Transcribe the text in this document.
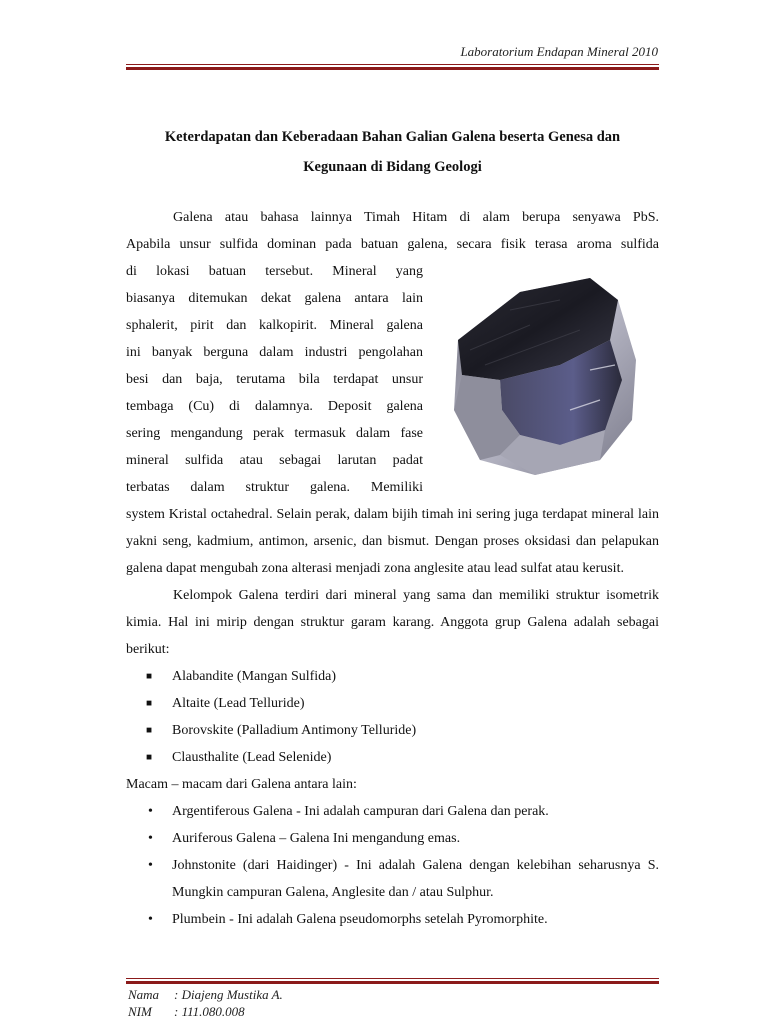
Laboratorium Endapan Mineral 2010
Keterdapatan dan Keberadaan Bahan Galian Galena beserta Genesa dan
Kegunaan di Bidang Geologi

Galena atau bahasa lainnya Timah Hitam di alam berupa senyawa PbS.

Apabila unsur sulfida dominan pada batuan galena, secara fisik terasa aroma sulfida

di lokasi batuan tersebut. Mineral yang
biasanya ditemukan dekat galena antara lain
sphalerit, pirit dan kalkopirit. Mineral galena
ini banyak berguna dalam industri pengolahan
besi dan baja, terutama bila terdapat unsur
tembaga (Cu) di dalamnya. Deposit galena
sering mengandung perak termasuk dalam fase
mineral sulfida atau sebagai larutan padat
terbatas dalam struktur galena. Memiliki

system Kristal octahedral. Selain perak, dalam bijih timah ini sering juga terdapat mineral lain yakni seng, kadmium, antimon, arsenic, dan bismut. Dengan proses oksidasi dan pelapukan galena dapat mengubah zona alterasi menjadi zona anglesite atau lead sulfat atau kerusit.

Kelompok Galena terdiri dari mineral yang sama dan memiliki struktur isometrik kimia. Hal ini mirip dengan struktur garam karang. Anggota grup Galena adalah sebagai berikut:

■ Alabandite (Mangan Sulfida)
■ Altaite (Lead Telluride)
■ Borovskite (Palladium Antimony Telluride)
■ Clausthalite (Lead Selenide)

Macam – macam dari Galena antara lain:

• Argentiferous Galena - Ini adalah campuran dari Galena dan perak.
• Auriferous Galena – Galena Ini mengandung emas.
• Johnstonite (dari Haidinger) - Ini adalah Galena dengan kelebihan seharusnya S. Mungkin campuran Galena, Anglesite dan / atau Sulphur.
• Plumbein - Ini adalah Galena pseudomorphs setelah Pyromorphite.
Nama : Diajeng Mustika A.
NIM : 111.080.008
